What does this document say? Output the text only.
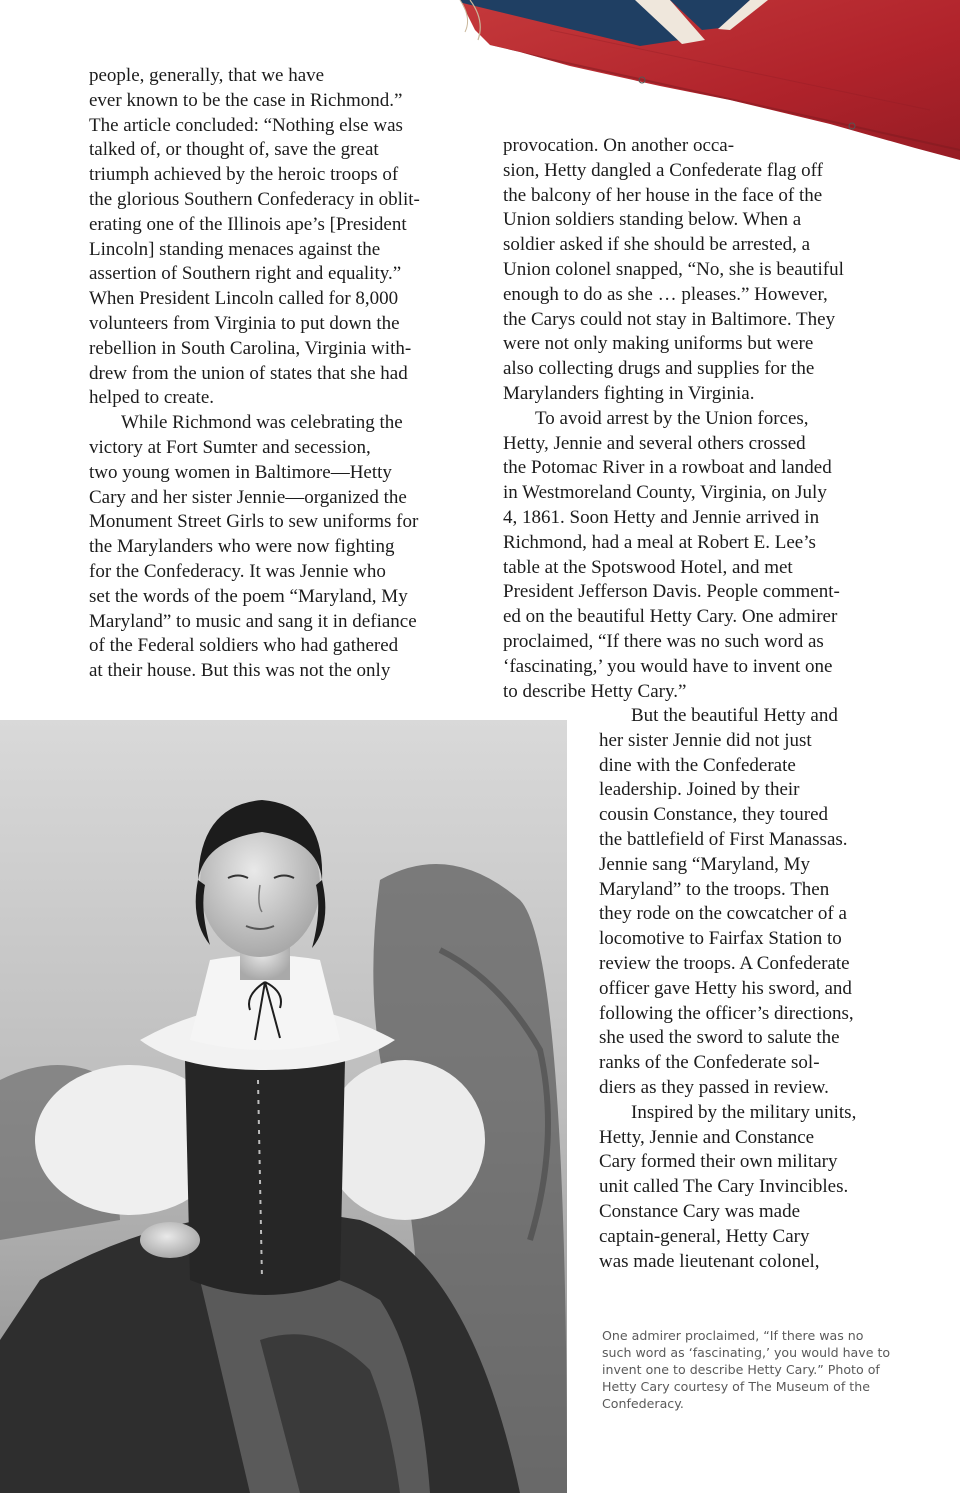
people, generally, that we have
ever known to be the case in Richmond.”
The article concluded: “Nothing else was
talked of, or thought of, save the great
triumph achieved by the heroic troops of
the glorious Southern Confederacy in oblit-
erating one of the Illinois ape’s [President
Lincoln] standing menaces against the
assertion of Southern right and equality.”
When President Lincoln called for 8,000
volunteers from Virginia to put down the
rebellion in South Carolina, Virginia with-
drew from the union of states that she had
helped to create.
While Richmond was celebrating the
victory at Fort Sumter and secession,
two young women in Baltimore—Hetty
Cary and her sister Jennie—organized the
Monument Street Girls to sew uniforms for
the Marylanders who were now fighting
for the Confederacy. It was Jennie who
set the words of the poem “Maryland, My
Maryland” to music and sang it in defiance
of the Federal soldiers who had gathered
at their house. But this was not the only
provocation. On another occa-
sion, Hetty dangled a Confederate flag off
the balcony of her house in the face of the
Union soldiers standing below. When a
soldier asked if she should be arrested, a
Union colonel snapped, “No, she is beautiful
enough to do as she … pleases.” However,
the Carys could not stay in Baltimore. They
were not only making uniforms but were
also collecting drugs and supplies for the
Marylanders fighting in Virginia.
To avoid arrest by the Union forces,
Hetty, Jennie and several others crossed
the Potomac River in a rowboat and landed
in Westmoreland County, Virginia, on July
4, 1861. Soon Hetty and Jennie arrived in
Richmond, had a meal at Robert E. Lee’s
table at the Spotswood Hotel, and met
President Jefferson Davis. People comment-
ed on the beautiful Hetty Cary. One admirer
proclaimed, “If there was no such word as
‘fascinating,’ you would have to invent one
to describe Hetty Cary.”
But the beautiful Hetty and
her sister Jennie did not just
dine with the Confederate
leadership. Joined by their
cousin Constance, they toured
the battlefield of First Manassas.
Jennie sang “Maryland, My
Maryland” to the troops. Then
they rode on the cowcatcher of a
locomotive to Fairfax Station to
review the troops. A Confederate
officer gave Hetty his sword, and
following the officer’s directions,
she used the sword to salute the
ranks of the Confederate sol-
diers as they passed in review.
Inspired by the military units,
Hetty, Jennie and Constance
Cary formed their own military
unit called The Cary Invincibles.
Constance Cary was made
captain-general, Hetty Cary
was made lieutenant colonel,
One admirer proclaimed, “If there was no
such word as ‘fascinating,’ you would have to
invent one to describe Hetty Cary.” Photo of
Hetty Cary courtesy of The Museum of the
Confederacy.
